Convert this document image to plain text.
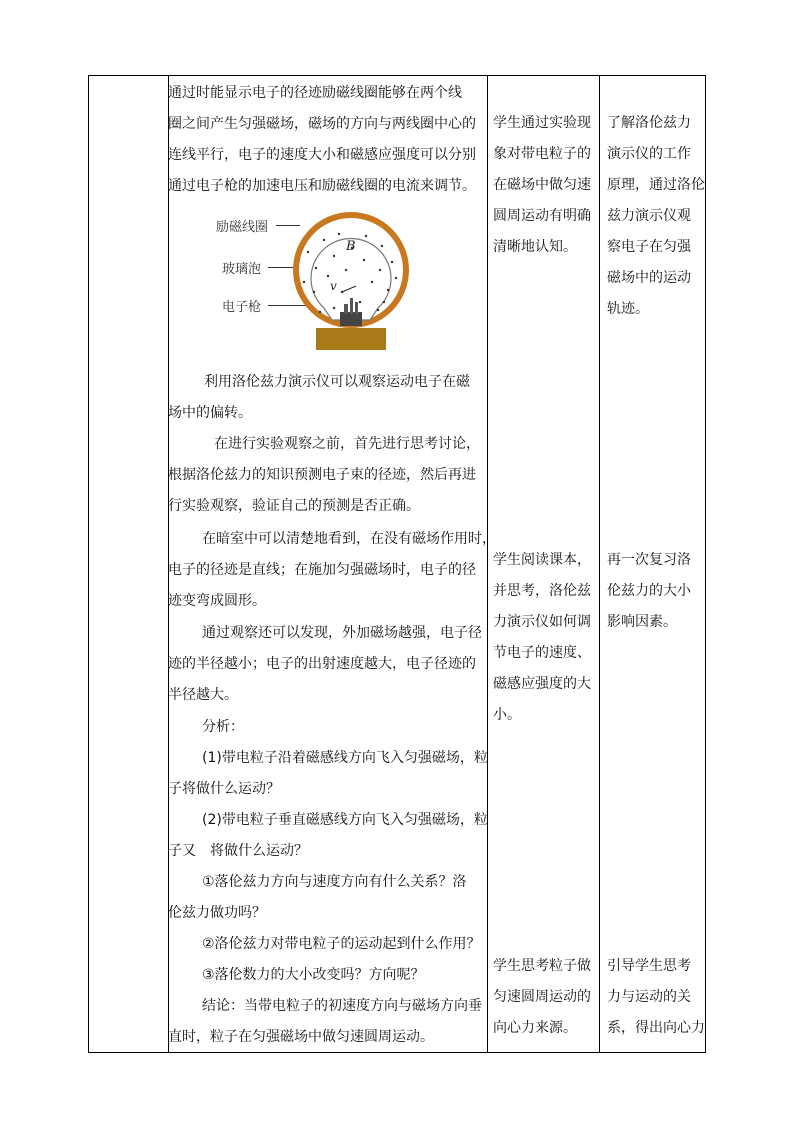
通过时能显示电子的径迹励磁线圈能够在两个线
圈之间产生匀强磁场，磁场的方向与两线圈中心的
连线平行，电子的速度大小和磁感应强度可以分别
通过电子枪的加速电压和励磁线圈的电流来调节。
励磁线圈
玻璃泡
电子枪
B
v
利用洛伦兹力演示仪可以观察运动电子在磁
场中的偏转。
在进行实验观察之前，首先进行思考讨论，
根据洛伦兹力的知识预测电子束的径迹，然后再进
行实验观察，验证自己的预测是否正确。
在暗室中可以清楚地看到，在没有磁场作用时，
电子的径迹是直线；在施加匀强磁场时，电子的径
迹变弯成圆形。
通过观察还可以发现，外加磁场越强，电子径
迹的半径越小；电子的出射速度越大，电子径迹的
半径越大。
分析：
(1)带电粒子沿着磁感线方向飞入匀强磁场，粒
子将做什么运动？
(2)带电粒子垂直磁感线方向飞入匀强磁场，粒
子又　将做什么运动？
①落伦兹力方向与速度方向有什么关系？洛
伦兹力做功吗？
②洛伦兹力对带电粒子的运动起到什么作用？
③落伦数力的大小改变吗？方向呢？
结论：当带电粒子的初速度方向与磁场方向垂
直时，粒子在匀强磁场中做匀速圆周运动。
学生通过实验现
象对带电粒子的
在磁场中做匀速
圆周运动有明确
清晰地认知。
学生阅读课本，
并思考，洛伦兹
力演示仪如何调
节电子的速度、
磁感应强度的大
小。
学生思考粒子做
匀速圆周运动的
向心力来源。
了解洛伦兹力
演示仪的工作
原理，通过洛伦
兹力演示仪观
察电子在匀强
磁场中的运动
轨迹。
再一次复习洛
伦兹力的大小
影响因素。
引导学生思考
力与运动的关
系，得出向心力
